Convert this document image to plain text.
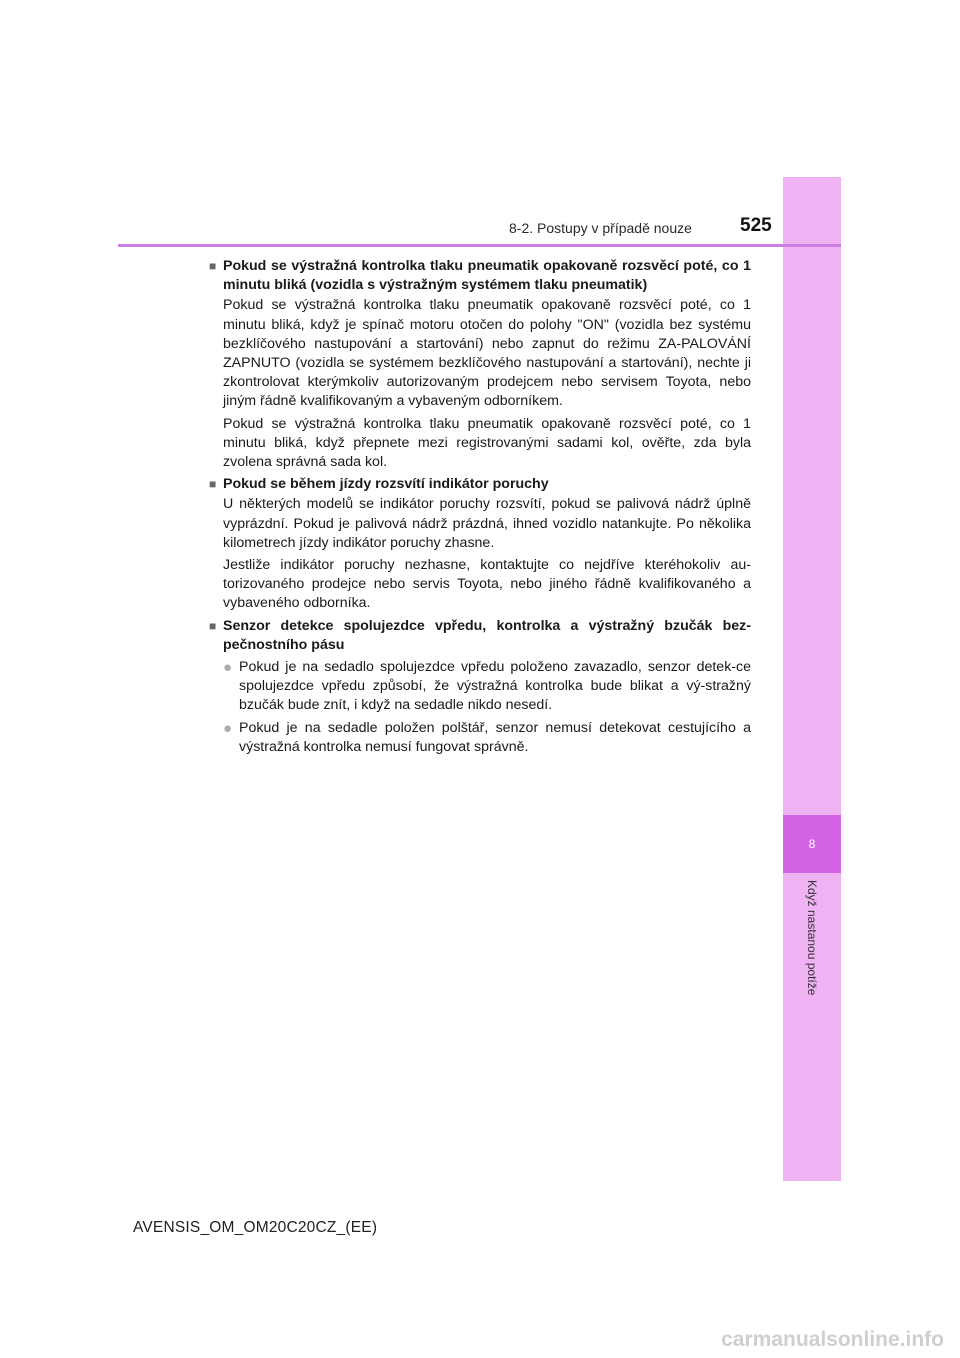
8
Když nastanou potíže
8-2. Postupy v případě nouze	525
■ Pokud se výstražná kontrolka tlaku pneumatik opakovaně rozsvěcí poté, co 1 minutu bliká (vozidla s výstražným systémem tlaku pneumatik)

Pokud se výstražná kontrolka tlaku pneumatik opakovaně rozsvěcí poté, co 1 minutu bliká, když je spínač motoru otočen do polohy "ON" (vozidla bez systému bezklíčového nastupování a startování) nebo zapnut do režimu ZA-PALOVÁNÍ ZAPNUTO (vozidla se systémem bezklíčového nastupování a startování), nechte ji zkontrolovat kterýmkoliv autorizovaným prodejcem nebo servisem Toyota, nebo jiným řádně kvalifikovaným a vybaveným odborníkem.

Pokud se výstražná kontrolka tlaku pneumatik opakovaně rozsvěcí poté, co 1 minutu bliká, když přepnete mezi registrovanými sadami kol, ověřte, zda byla zvolena správná sada kol.

■ Pokud se během jízdy rozsvítí indikátor poruchy

U některých modelů se indikátor poruchy rozsvítí, pokud se palivová nádrž úplně vyprázdní. Pokud je palivová nádrž prázdná, ihned vozidlo natankujte. Po několika kilometrech jízdy indikátor poruchy zhasne.

Jestliže indikátor poruchy nezhasne, kontaktujte co nejdříve kteréhokoliv au-torizovaného prodejce nebo servis Toyota, nebo jiného řádně kvalifikovaného a vybaveného odborníka.

■ Senzor detekce spolujezdce vpředu, kontrolka a výstražný bzučák bez-pečnostního pásu
● Pokud je na sedadlo spolujezdce vpředu položeno zavazadlo, senzor detek-ce spolujezdce vpředu způsobí, že výstražná kontrolka bude blikat a vý-stražný bzučák bude znít, i když na sedadle nikdo nesedí.
● Pokud je na sedadle položen polštář, senzor nemusí detekovat cestujícího a výstražná kontrolka nemusí fungovat správně.
AVENSIS_OM_OM20C20CZ_(EE)
carmanualsonline.info
